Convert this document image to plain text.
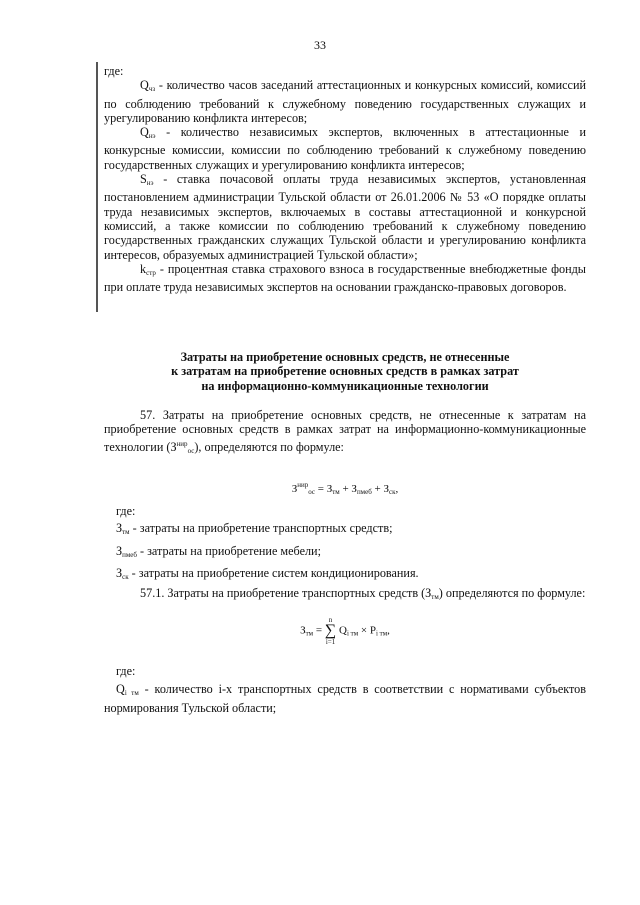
33

где:

$Q_{чз}$ - количество часов заседаний аттестационных и конкурсных комиссий, комиссий по соблюдению требований к служебному поведению государственных служащих и урегулированию конфликта интересов;

$Q_{нэ}$ - количество независимых экспертов, включенных в аттестационные и конкурсные комиссии, комиссии по соблюдению требований к служебному поведению государственных служащих и урегулированию конфликта интересов;

$S_{нэ}$ - ставка почасовой оплаты труда независимых экспертов, установленная постановлением администрации Тульской области от 26.01.2006 № 53 «О порядке оплаты труда независимых экспертов, включаемых в составы аттестационной и конкурсной комиссий, а также комиссии по соблюдению требований к служебному поведению государственных гражданских служащих Тульской области и урегулированию конфликта интересов, образуемых администрацией Тульской области»;

$k_{стр}$ - процентная ставка страхового взноса в государственные внебюджетные фонды при оплате труда независимых экспертов на основании гражданско-правовых договоров.

Затраты на приобретение основных средств, не отнесенные

к затратам на приобретение основных средств в рамках затрат

на информационно-коммуникационные технологии

57. Затраты на приобретение основных средств, не отнесенные к затратам на приобретение основных средств в рамках затрат на информационно-коммуникационные технологии $(З^{нир}_{ос})$, определяются по формуле:

$З^{нир}_{ос} = З_{тм} + З_{пмеб} + З_{ск}$,

где:

$З_{тм}$ - затраты на приобретение транспортных средств;

$З_{пмеб}$ - затраты на приобретение мебели;

$З_{ск}$ - затраты на приобретение систем кондиционирования.

57.1. Затраты на приобретение транспортных средств $(З_{тм})$ определяются по формуле:

$З_{тм}$ =
n
∑
i=1
$Q_{i тм} \times P_{i тм}$,

где:

$Q_{i тм}$ - количество i-х транспортных средств в соответствии с нормативами субъектов нормирования Тульской области;
